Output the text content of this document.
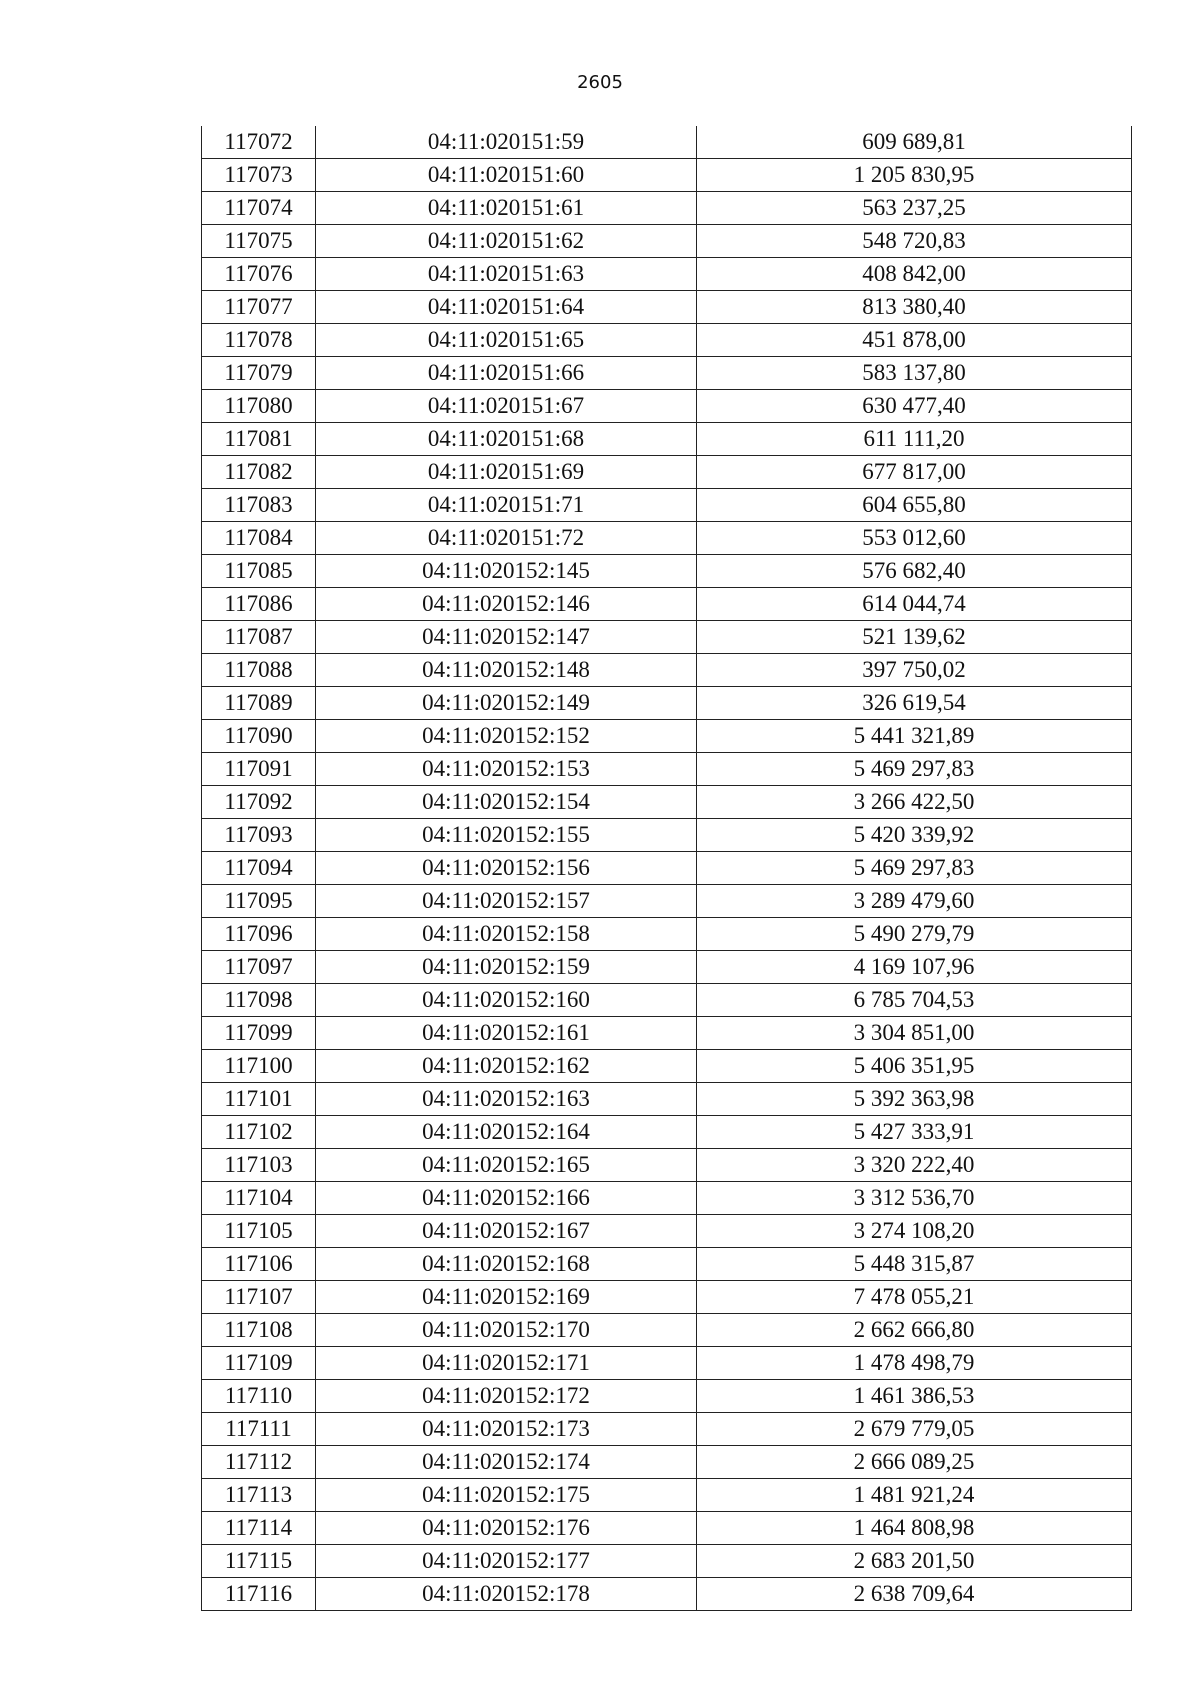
2605
117072	04:11:020151:59	609 689,81
117073	04:11:020151:60	1 205 830,95
117074	04:11:020151:61	563 237,25
117075	04:11:020151:62	548 720,83
117076	04:11:020151:63	408 842,00
117077	04:11:020151:64	813 380,40
117078	04:11:020151:65	451 878,00
117079	04:11:020151:66	583 137,80
117080	04:11:020151:67	630 477,40
117081	04:11:020151:68	611 111,20
117082	04:11:020151:69	677 817,00
117083	04:11:020151:71	604 655,80
117084	04:11:020151:72	553 012,60
117085	04:11:020152:145	576 682,40
117086	04:11:020152:146	614 044,74
117087	04:11:020152:147	521 139,62
117088	04:11:020152:148	397 750,02
117089	04:11:020152:149	326 619,54
117090	04:11:020152:152	5 441 321,89
117091	04:11:020152:153	5 469 297,83
117092	04:11:020152:154	3 266 422,50
117093	04:11:020152:155	5 420 339,92
117094	04:11:020152:156	5 469 297,83
117095	04:11:020152:157	3 289 479,60
117096	04:11:020152:158	5 490 279,79
117097	04:11:020152:159	4 169 107,96
117098	04:11:020152:160	6 785 704,53
117099	04:11:020152:161	3 304 851,00
117100	04:11:020152:162	5 406 351,95
117101	04:11:020152:163	5 392 363,98
117102	04:11:020152:164	5 427 333,91
117103	04:11:020152:165	3 320 222,40
117104	04:11:020152:166	3 312 536,70
117105	04:11:020152:167	3 274 108,20
117106	04:11:020152:168	5 448 315,87
117107	04:11:020152:169	7 478 055,21
117108	04:11:020152:170	2 662 666,80
117109	04:11:020152:171	1 478 498,79
117110	04:11:020152:172	1 461 386,53
117111	04:11:020152:173	2 679 779,05
117112	04:11:020152:174	2 666 089,25
117113	04:11:020152:175	1 481 921,24
117114	04:11:020152:176	1 464 808,98
117115	04:11:020152:177	2 683 201,50
117116	04:11:020152:178	2 638 709,64
